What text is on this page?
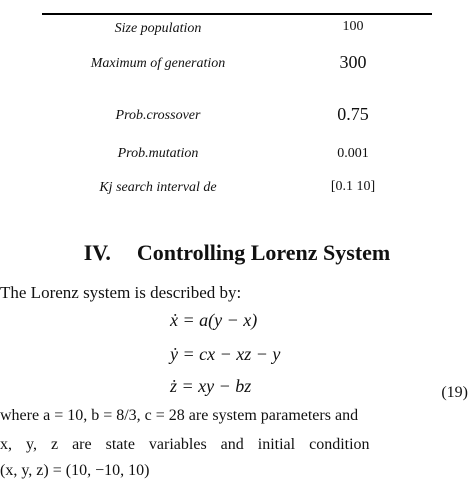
Size population	100
Maximum of generation	300
Prob.crossover	0.75
Prob.mutation	0.001
Kj search interval de	[0.1 10]
IV. Controlling Lorenz System
The Lorenz system is described by:
ẋ = a(y − x)
ẏ = cx − xz − y
ż = xy − bz	(19)
where a = 10, b = 8/3, c = 28 are system parameters and
x, y, z are state variables and initial condition
(x, y, z) = (10, −10, 10)
